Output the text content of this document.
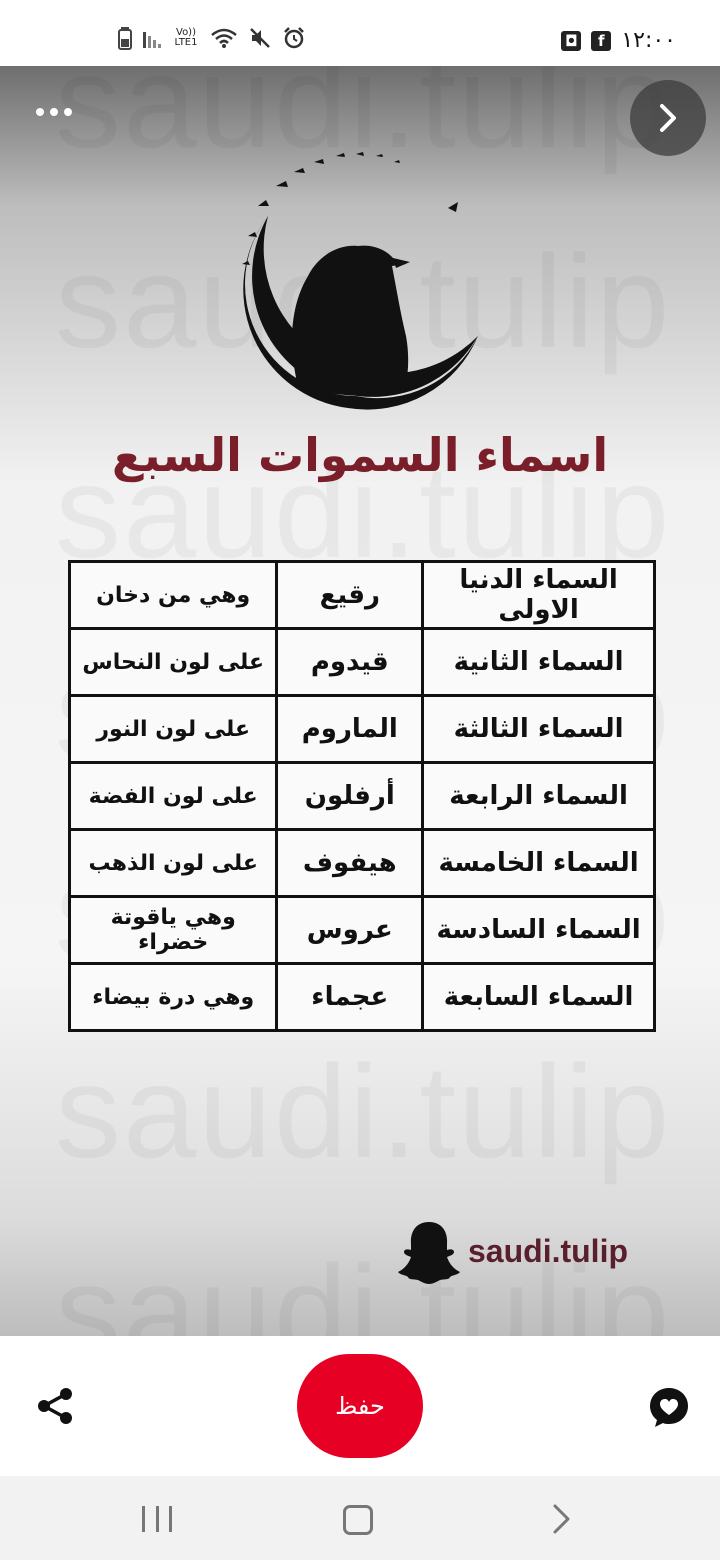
◘	f ١٢:٠٠
Vo)) LTE1
اسماء السموات السبع
السماء الدنيا الاولى	رقيع	وهي من دخان
السماء الثانية	قيدوم	على لون النحاس
السماء الثالثة	الماروم	على لون النور
السماء الرابعة	أرفلون	على لون الفضة
السماء الخامسة	هيفوف	على لون الذهب
السماء السادسة	عروس	وهي ياقوتة خضراء
السماء السابعة	عجماء	وهي درة بيضاء
saudi.tulip
حفظ
